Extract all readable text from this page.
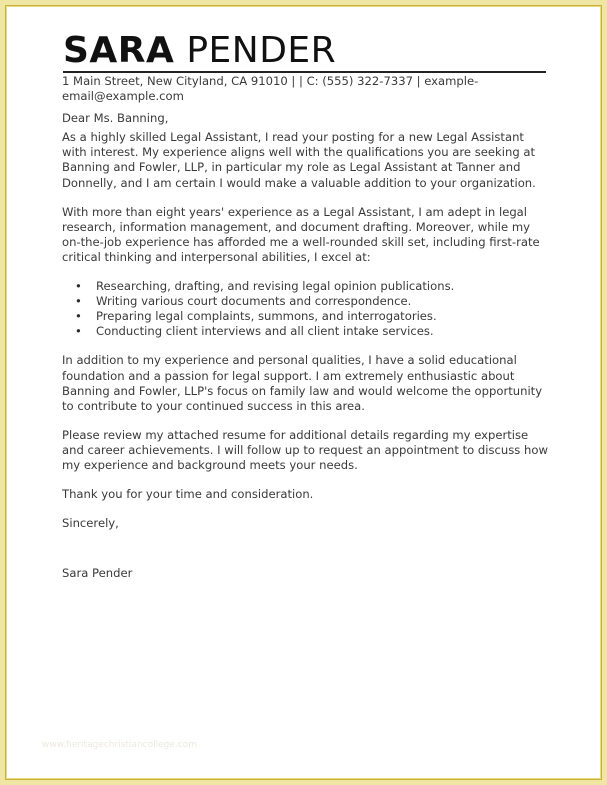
SARA PENDER

1 Main Street, New Cityland, CA 91010 | | C: (555) 322-7337 | example-email@example.com

Dear Ms. Banning,

As a highly skilled Legal Assistant, I read your posting for a new Legal Assistant with interest. My experience aligns well with the qualifications you are seeking at Banning and Fowler, LLP, in particular my role as Legal Assistant at Tanner and Donnelly, and I am certain I would make a valuable addition to your organization.

With more than eight years' experience as a Legal Assistant, I am adept in legal research, information management, and document drafting. Moreover, while my on-the-job experience has afforded me a well-rounded skill set, including first-rate critical thinking and interpersonal abilities, I excel at:

• Researching, drafting, and revising legal opinion publications.
• Writing various court documents and correspondence.
• Preparing legal complaints, summons, and interrogatories.
• Conducting client interviews and all client intake services.

In addition to my experience and personal qualities, I have a solid educational foundation and a passion for legal support. I am extremely enthusiastic about Banning and Fowler, LLP's focus on family law and would welcome the opportunity to contribute to your continued success in this area.

Please review my attached resume for additional details regarding my expertise and career achievements. I will follow up to request an appointment to discuss how my experience and background meets your needs.

Thank you for your time and consideration.

Sincerely,

Sara Pender

www.heritagechristiancollege.com
